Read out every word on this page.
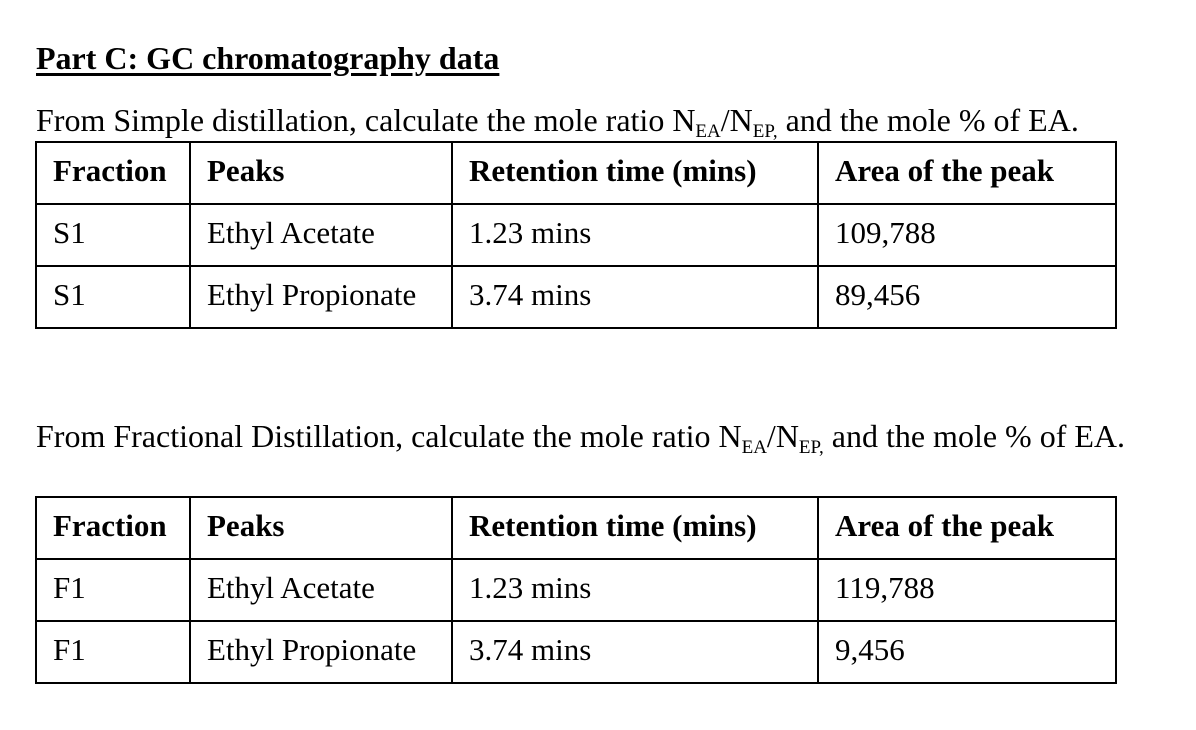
Part C: GC chromatography data
From Simple distillation, calculate the mole ratio $N_{EA}/N_{EP,}$ and the mole % of EA.
Fraction	Peaks	Retention time (mins)	Area of the peak
S1	Ethyl Acetate	1.23 mins	109,788
S1	Ethyl Propionate	3.74 mins	89,456
From Fractional Distillation, calculate the mole ratio $N_{EA}/N_{EP,}$ and the mole % of EA.
Fraction	Peaks	Retention time (mins)	Area of the peak
F1	Ethyl Acetate	1.23 mins	119,788
F1	Ethyl Propionate	3.74 mins	9,456
